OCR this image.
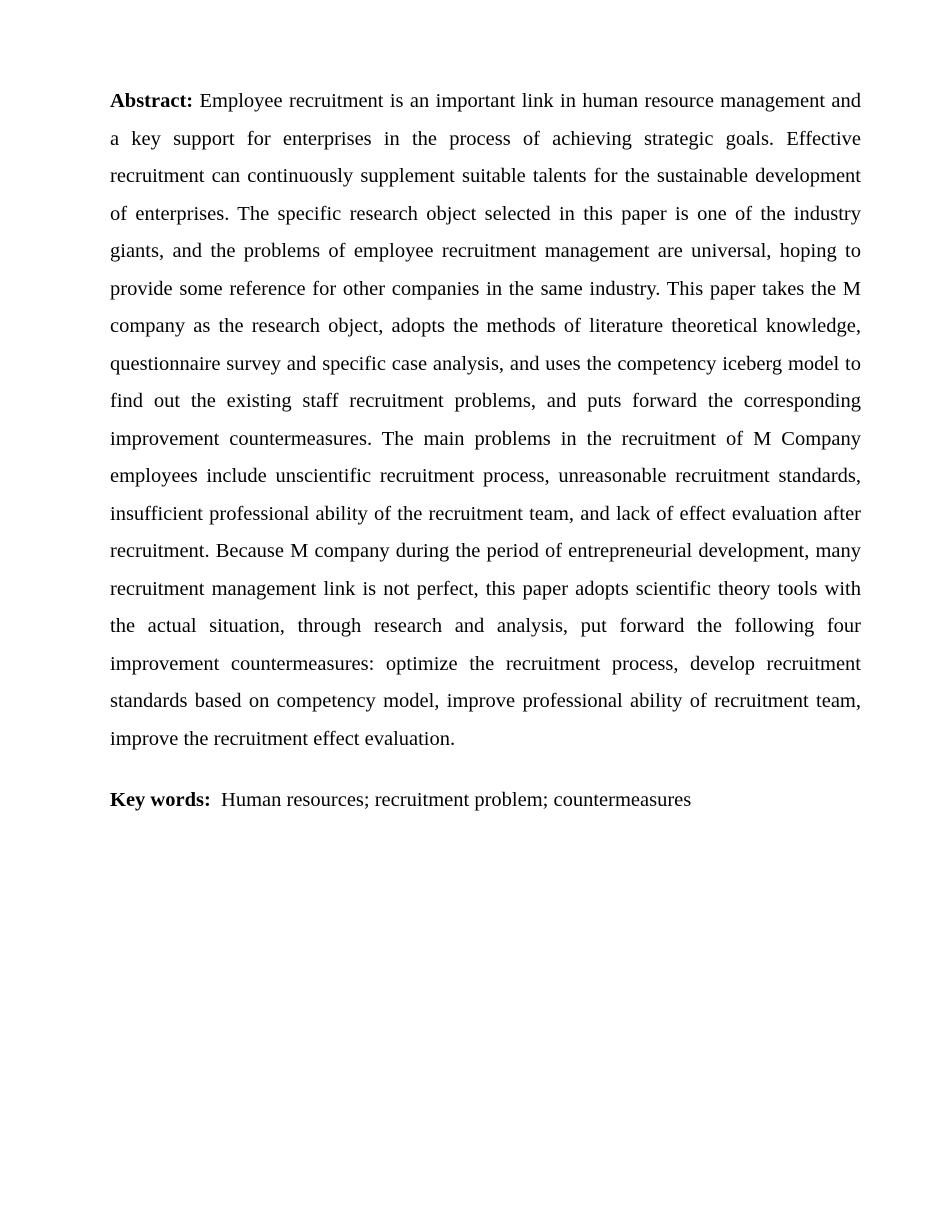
Abstract: Employee recruitment is an important link in human resource management and a key support for enterprises in the process of achieving strategic goals. Effective recruitment can continuously supplement suitable talents for the sustainable development of enterprises. The specific research object selected in this paper is one of the industry giants, and the problems of employee recruitment management are universal, hoping to provide some reference for other companies in the same industry. This paper takes the M company as the research object, adopts the methods of literature theoretical knowledge, questionnaire survey and specific case analysis, and uses the competency iceberg model to find out the existing staff recruitment problems, and puts forward the corresponding improvement countermeasures. The main problems in the recruitment of M Company employees include unscientific recruitment process, unreasonable recruitment standards, insufficient professional ability of the recruitment team, and lack of effect evaluation after recruitment. Because M company during the period of entrepreneurial development, many recruitment management link is not perfect, this paper adopts scientific theory tools with the actual situation, through research and analysis, put forward the following four improvement countermeasures: optimize the recruitment process, develop recruitment standards based on competency model, improve professional ability of recruitment team, improve the recruitment effect evaluation.

Key words: Human resources; recruitment problem; countermeasures
